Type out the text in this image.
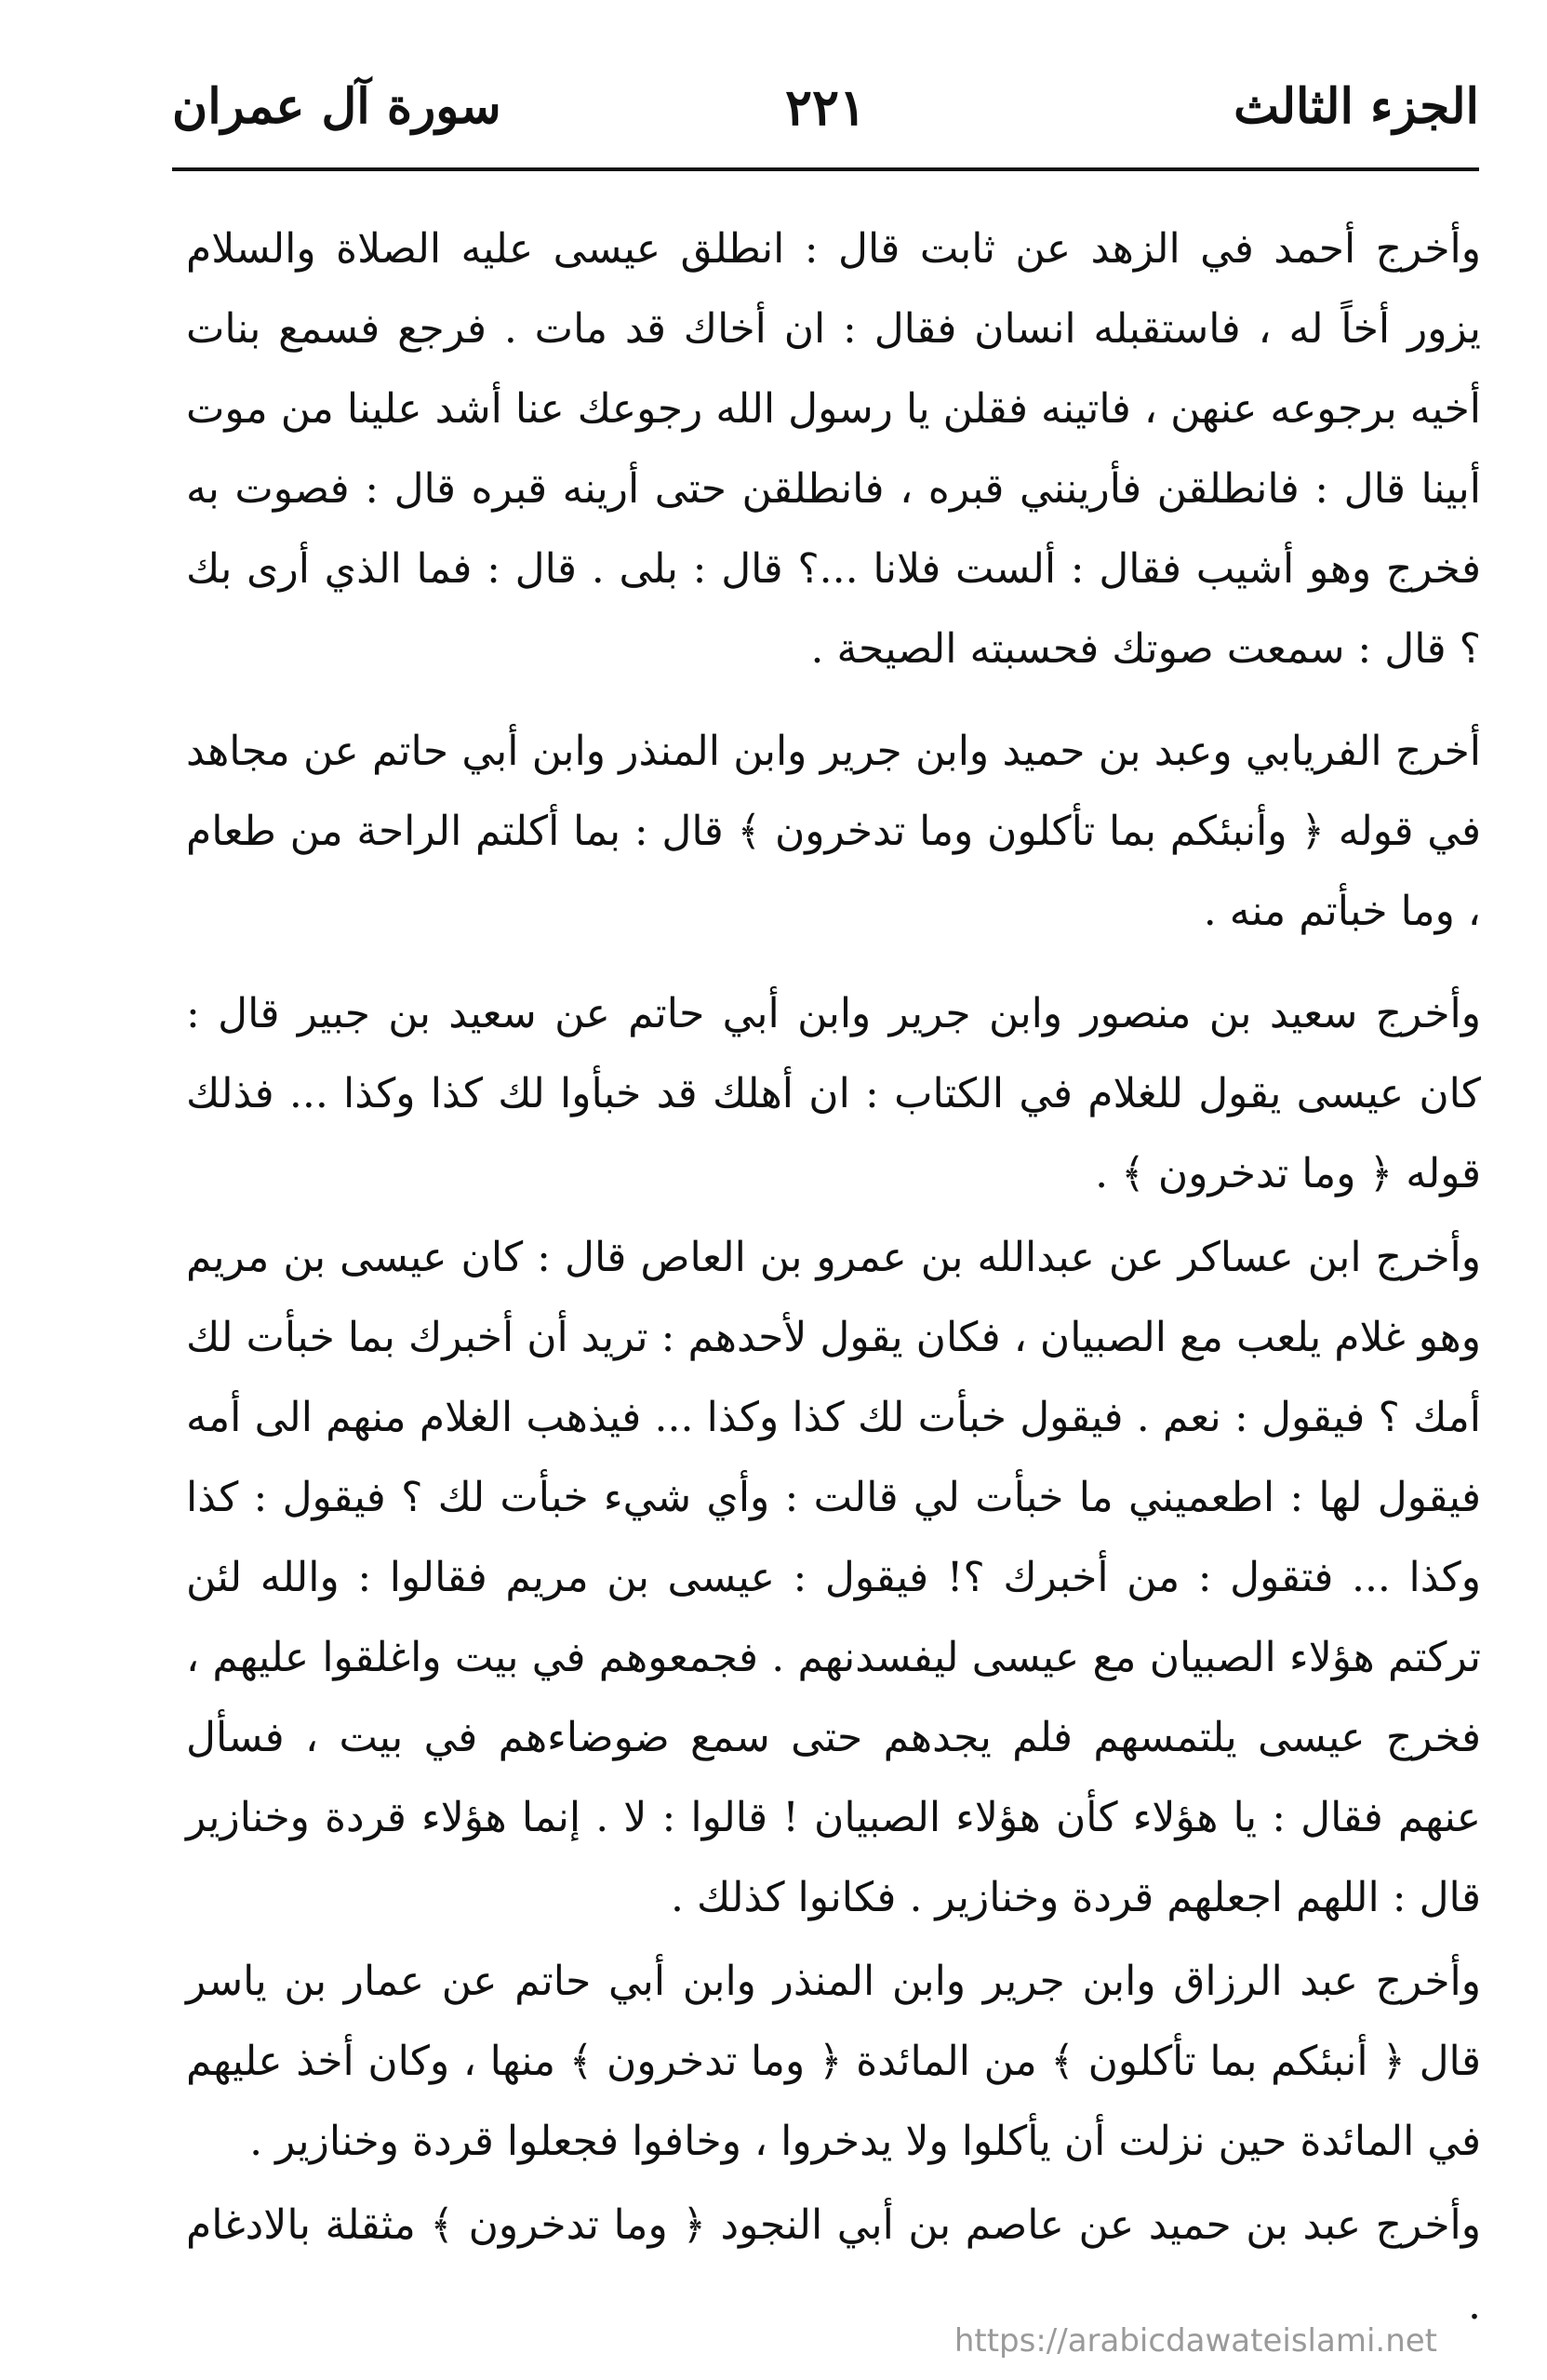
الجزء الثالث
٢٢١
سورة آل عمران

وأخرج أحمد في الزهد عن ثابت قال : انطلق عيسى عليه الصلاة والسلام يزور أخاً له ، فاستقبله انسان فقال : ان أخاك قد مات . فرجع فسمع بنات أخيه برجوعه عنهن ، فاتينه فقلن يا رسول الله رجوعك عنا أشد علينا من موت أبينا قال : فانطلقن فأرينني قبره ، فانطلقن حتى أرينه قبره قال : فصوت به فخرج وهو أشيب فقال : ألست فلانا ...؟ قال : بلى . قال : فما الذي أرى بك ؟ قال : سمعت صوتك فحسبته الصيحة .

أخرج الفريابي وعبد بن حميد وابن جرير وابن المنذر وابن أبي حاتم عن مجاهد في قوله ﴿ وأنبئكم بما تأكلون وما تدخرون ﴾ قال : بما أكلتم الراحة من طعام ، وما خبأتم منه .

وأخرج سعيد بن منصور وابن جرير وابن أبي حاتم عن سعيد بن جبير قال : كان عيسى يقول للغلام في الكتاب : ان أهلك قد خبأوا لك كذا وكذا ... فذلك قوله ﴿ وما تدخرون ﴾ .

وأخرج ابن عساكر عن عبدالله بن عمرو بن العاص قال : كان عيسى بن مريم وهو غلام يلعب مع الصبيان ، فكان يقول لأحدهم : تريد أن أخبرك بما خبأت لك أمك ؟ فيقول : نعم . فيقول خبأت لك كذا وكذا ... فيذهب الغلام منهم الى أمه فيقول لها : اطعميني ما خبأت لي قالت : وأي شيء خبأت لك ؟ فيقول : كذا وكذا ... فتقول : من أخبرك ؟! فيقول : عيسى بن مريم فقالوا : والله لئن تركتم هؤلاء الصبيان مع عيسى ليفسدنهم . فجمعوهم في بيت واغلقوا عليهم ، فخرج عيسى يلتمسهم فلم يجدهم حتى سمع ضوضاءهم في بيت ، فسأل عنهم فقال : يا هؤلاء كأن هؤلاء الصبيان ! قالوا : لا . إنما هؤلاء قردة وخنازير قال : اللهم اجعلهم قردة وخنازير . فكانوا كذلك .

وأخرج عبد الرزاق وابن جرير وابن المنذر وابن أبي حاتم عن عمار بن ياسر قال ﴿ أنبئكم بما تأكلون ﴾ من المائدة ﴿ وما تدخرون ﴾ منها ، وكان أخذ عليهم في المائدة حين نزلت أن يأكلوا ولا يدخروا ، وخافوا فجعلوا قردة وخنازير .

وأخرج عبد بن حميد عن عاصم بن أبي النجود ﴿ وما تدخرون ﴾ مثقلة بالادغام .

https://arabicdawateislami.net
